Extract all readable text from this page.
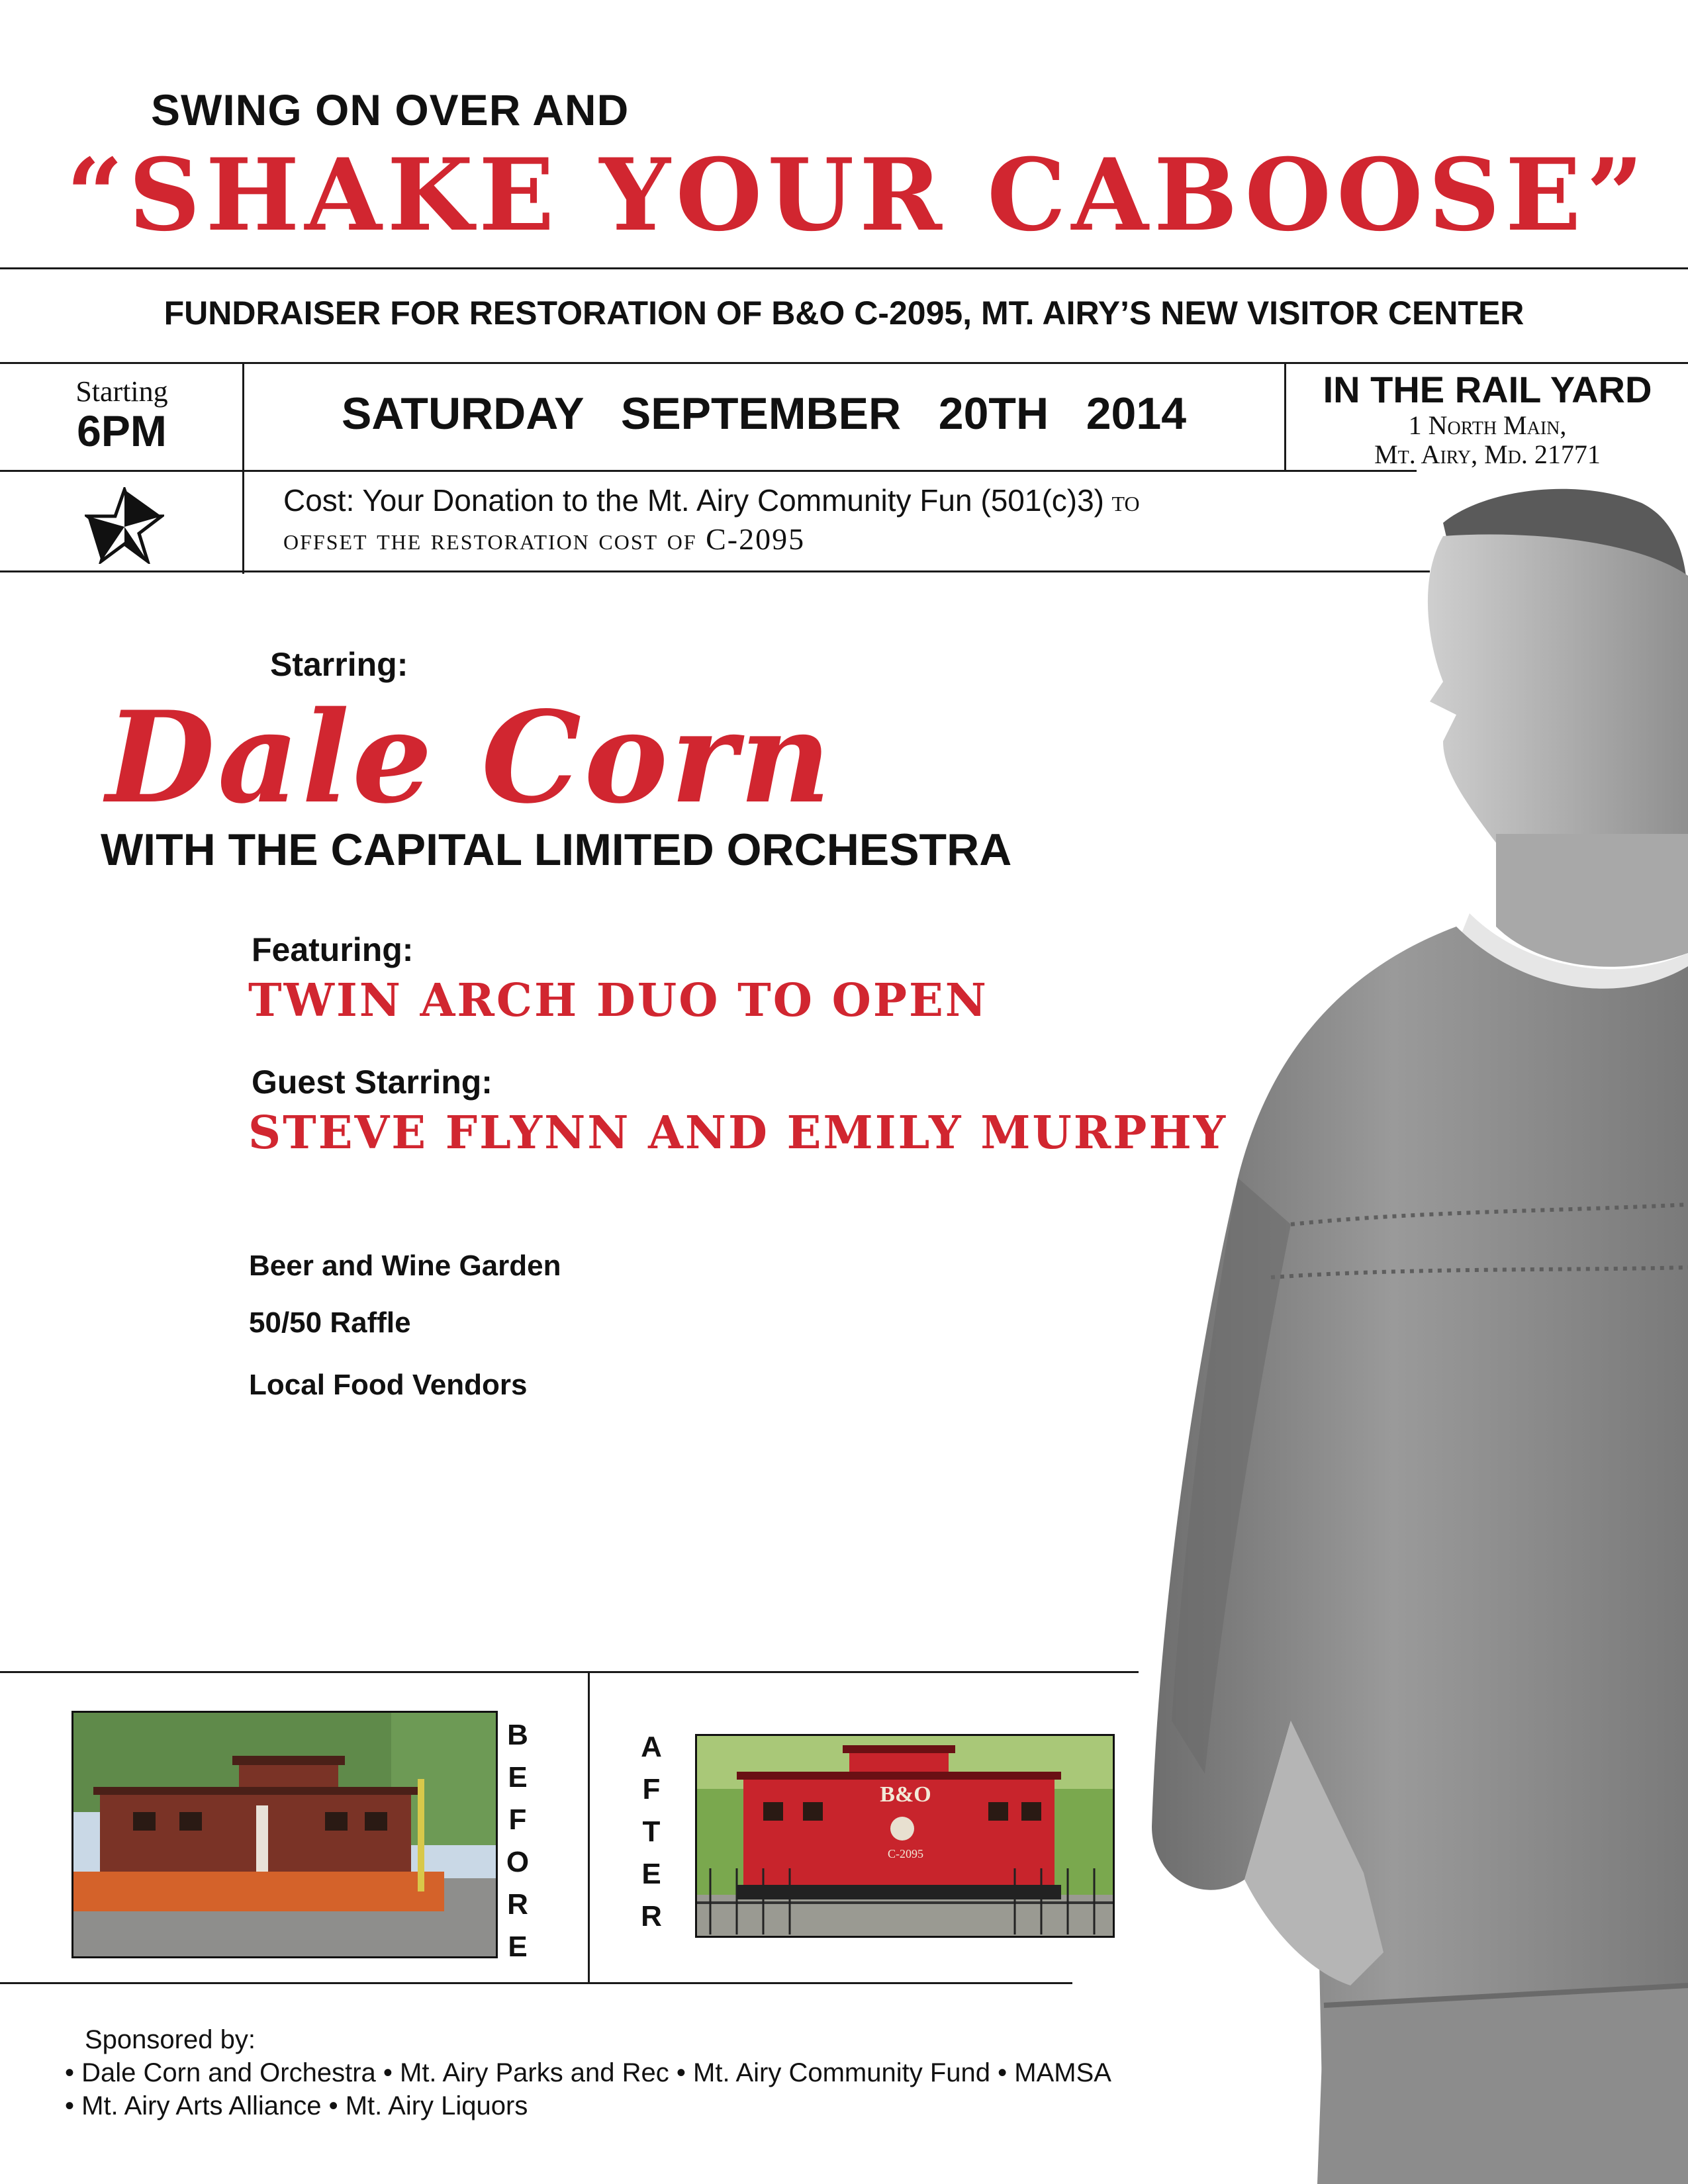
SWING ON OVER AND
“SHAKE YOUR CABOOSE”
FUNDRAISER FOR RESTORATION OF B&O C-2095, MT. AIRY’S NEW VISITOR CENTER
Starting
6PM	SATURDAY   SEPTEMBER   20TH   2014	IN THE RAIL YARD
1 North Main,
Mt. Airy, Md. 21771
Cost: Your Donation to the Mt. Airy Community Fun (501(c)3) to
offset the restoration cost of C-2095
Starring:
Dale Corn
WITH THE CAPITAL LIMITED ORCHESTRA
Featuring:
TWIN ARCH DUO TO OPEN
Guest Starring:
STEVE FLYNN AND EMILY MURPHY
Beer and Wine Garden
50/50 Raffle
Local Food Vendors
B
E
F
O
R
E
A
F
T
E
R
B&O
C-2095
Sponsored by:
• Dale Corn and Orchestra • Mt. Airy Parks and Rec • Mt. Airy Community Fund • MAMSA
• Mt. Airy Arts Alliance • Mt. Airy Liquors
